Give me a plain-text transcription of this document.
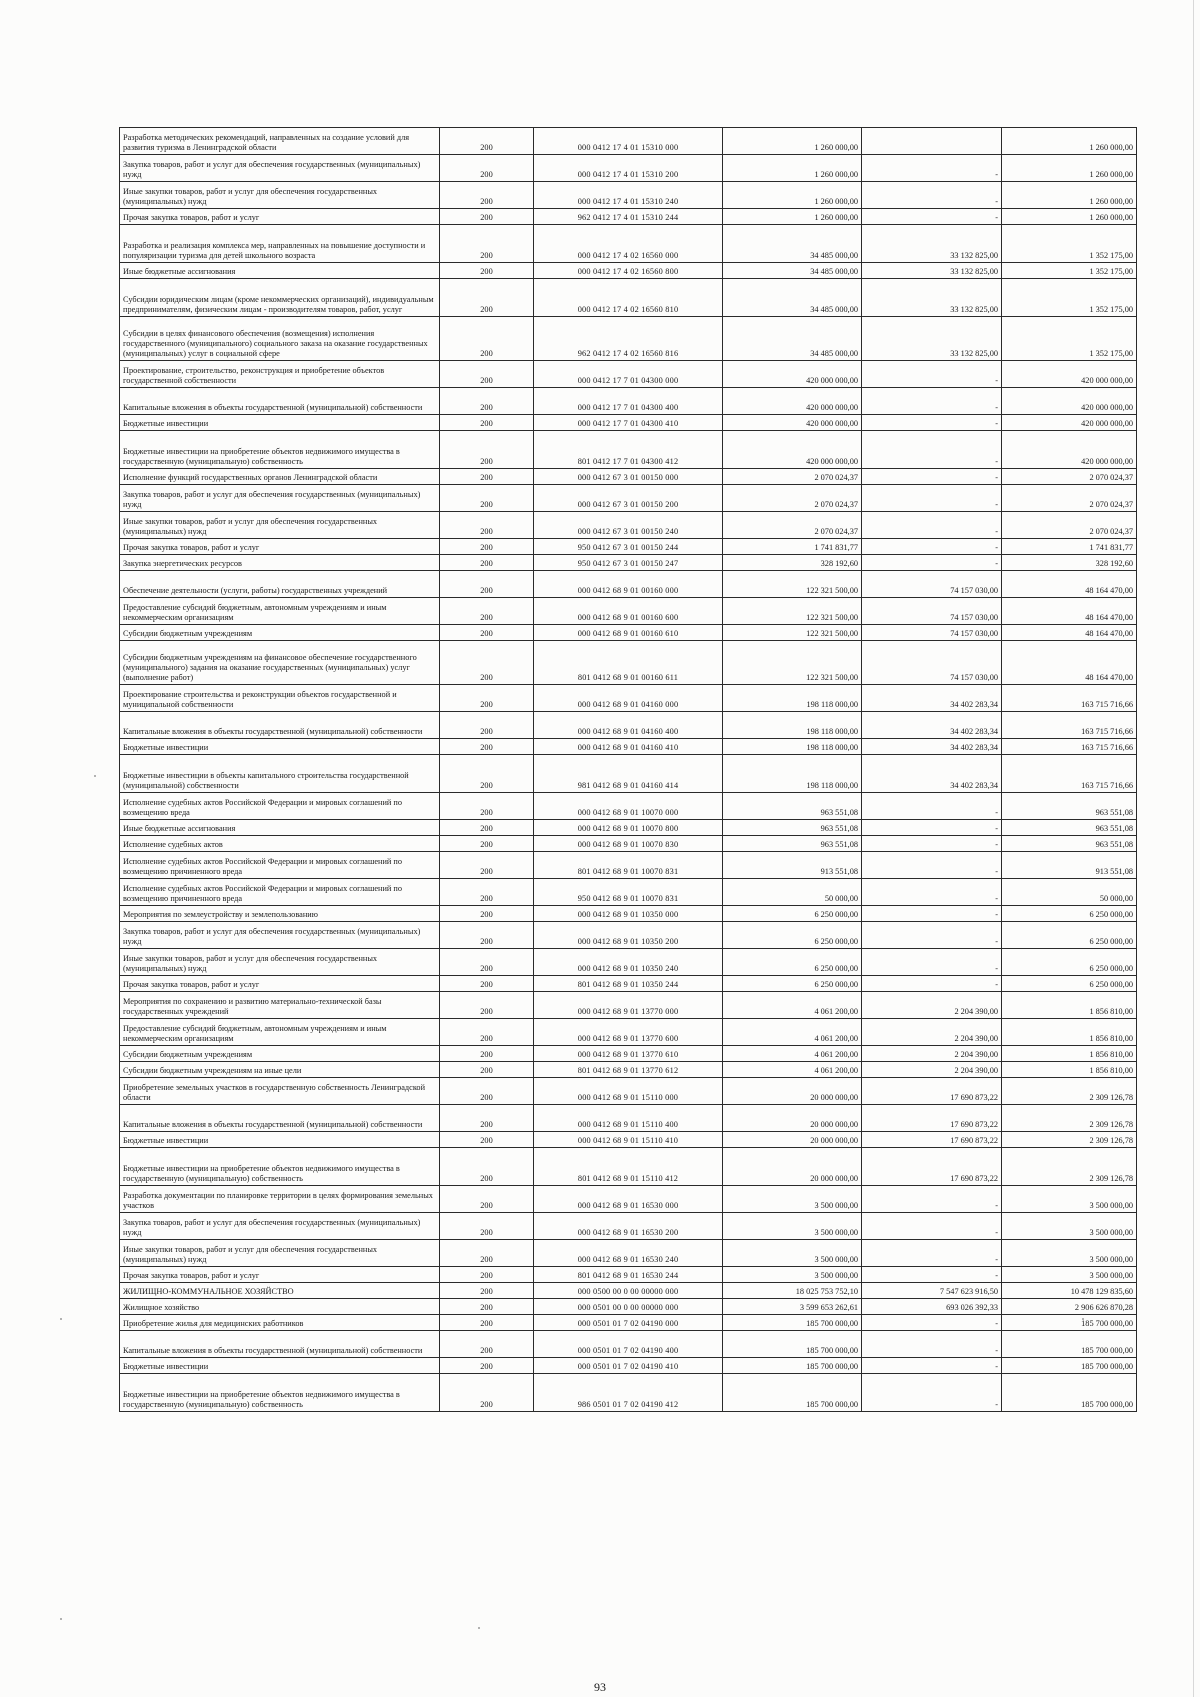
Разработка методических рекомендаций, направленных на создание условий для развития туризма в Ленинградской области	200	000 0412 17 4 01 15310 000	1 260 000,00		1 260 000,00
Закупка товаров, работ и услуг для обеспечения государственных (муниципальных) нужд	200	000 0412 17 4 01 15310 200	1 260 000,00	-	1 260 000,00
Иные закупки товаров, работ и услуг для обеспечения государственных (муниципальных) нужд	200	000 0412 17 4 01 15310 240	1 260 000,00	-	1 260 000,00
Прочая закупка товаров, работ и услуг	200	962 0412 17 4 01 15310 244	1 260 000,00	-	1 260 000,00
Разработка и реализация комплекса мер, направленных на повышение доступности и популяризации туризма для детей школьного возраста	200	000 0412 17 4 02 16560 000	34 485 000,00	33 132 825,00	1 352 175,00
Иные бюджетные ассигнования	200	000 0412 17 4 02 16560 800	34 485 000,00	33 132 825,00	1 352 175,00
Субсидии юридическим лицам (кроме некоммерческих организаций), индивидуальным предпринимателям, физическим лицам - производителям товаров, работ, услуг	200	000 0412 17 4 02 16560 810	34 485 000,00	33 132 825,00	1 352 175,00
Субсидии в целях финансового обеспечения (возмещения) исполнения государственного (муниципального) социального заказа на оказание государственных (муниципальных) услуг в социальной сфере	200	962 0412 17 4 02 16560 816	34 485 000,00	33 132 825,00	1 352 175,00
Проектирование, строительство, реконструкция и приобретение объектов государственной собственности	200	000 0412 17 7 01 04300 000	420 000 000,00	-	420 000 000,00
Капитальные вложения в объекты государственной (муниципальной) собственности	200	000 0412 17 7 01 04300 400	420 000 000,00	-	420 000 000,00
Бюджетные инвестиции	200	000 0412 17 7 01 04300 410	420 000 000,00	-	420 000 000,00
Бюджетные инвестиции на приобретение объектов недвижимого имущества в государственную (муниципальную) собственность	200	801 0412 17 7 01 04300 412	420 000 000,00	-	420 000 000,00
Исполнение функций государственных органов Ленинградской области	200	000 0412 67 3 01 00150 000	2 070 024,37	-	2 070 024,37
Закупка товаров, работ и услуг для обеспечения государственных (муниципальных) нужд	200	000 0412 67 3 01 00150 200	2 070 024,37	-	2 070 024,37
Иные закупки товаров, работ и услуг для обеспечения государственных (муниципальных) нужд	200	000 0412 67 3 01 00150 240	2 070 024,37	-	2 070 024,37
Прочая закупка товаров, работ и услуг	200	950 0412 67 3 01 00150 244	1 741 831,77	-	1 741 831,77
Закупка энергетических ресурсов	200	950 0412 67 3 01 00150 247	328 192,60	-	328 192,60
Обеспечение деятельности (услуги, работы) государственных учреждений	200	000 0412 68 9 01 00160 000	122 321 500,00	74 157 030,00	48 164 470,00
Предоставление субсидий бюджетным, автономным учреждениям и иным некоммерческим организациям	200	000 0412 68 9 01 00160 600	122 321 500,00	74 157 030,00	48 164 470,00
Субсидии бюджетным учреждениям	200	000 0412 68 9 01 00160 610	122 321 500,00	74 157 030,00	48 164 470,00
Субсидии бюджетным учреждениям на финансовое обеспечение государственного (муниципального) задания на оказание государственных (муниципальных) услуг (выполнение работ)	200	801 0412 68 9 01 00160 611	122 321 500,00	74 157 030,00	48 164 470,00
Проектирование строительства и реконструкции объектов государственной и муниципальной собственности	200	000 0412 68 9 01 04160 000	198 118 000,00	34 402 283,34	163 715 716,66
Капитальные вложения в объекты государственной (муниципальной) собственности	200	000 0412 68 9 01 04160 400	198 118 000,00	34 402 283,34	163 715 716,66
Бюджетные инвестиции	200	000 0412 68 9 01 04160 410	198 118 000,00	34 402 283,34	163 715 716,66
Бюджетные инвестиции в объекты капитального строительства государственной (муниципальной) собственности	200	981 0412 68 9 01 04160 414	198 118 000,00	34 402 283,34	163 715 716,66
Исполнение судебных актов Российской Федерации и мировых соглашений по возмещению вреда	200	000 0412 68 9 01 10070 000	963 551,08	-	963 551,08
Иные бюджетные ассигнования	200	000 0412 68 9 01 10070 800	963 551,08	-	963 551,08
Исполнение судебных актов	200	000 0412 68 9 01 10070 830	963 551,08	-	963 551,08
Исполнение судебных актов Российской Федерации и мировых соглашений по возмещению причиненного вреда	200	801 0412 68 9 01 10070 831	913 551,08	-	913 551,08
Исполнение судебных актов Российской Федерации и мировых соглашений по возмещению причиненного вреда	200	950 0412 68 9 01 10070 831	50 000,00	-	50 000,00
Мероприятия по землеустройству и землепользованию	200	000 0412 68 9 01 10350 000	6 250 000,00	-	6 250 000,00
Закупка товаров, работ и услуг для обеспечения государственных (муниципальных) нужд	200	000 0412 68 9 01 10350 200	6 250 000,00	-	6 250 000,00
Иные закупки товаров, работ и услуг для обеспечения государственных (муниципальных) нужд	200	000 0412 68 9 01 10350 240	6 250 000,00	-	6 250 000,00
Прочая закупка товаров, работ и услуг	200	801 0412 68 9 01 10350 244	6 250 000,00	-	6 250 000,00
Мероприятия по сохранению и развитию материально-технической базы государственных учреждений	200	000 0412 68 9 01 13770 000	4 061 200,00	2 204 390,00	1 856 810,00
Предоставление субсидий бюджетным, автономным учреждениям и иным некоммерческим организациям	200	000 0412 68 9 01 13770 600	4 061 200,00	2 204 390,00	1 856 810,00
Субсидии бюджетным учреждениям	200	000 0412 68 9 01 13770 610	4 061 200,00	2 204 390,00	1 856 810,00
Субсидии бюджетным учреждениям на иные цели	200	801 0412 68 9 01 13770 612	4 061 200,00	2 204 390,00	1 856 810,00
Приобретение земельных участков в государственную собственность Ленинградской области	200	000 0412 68 9 01 15110 000	20 000 000,00	17 690 873,22	2 309 126,78
Капитальные вложения в объекты государственной (муниципальной) собственности	200	000 0412 68 9 01 15110 400	20 000 000,00	17 690 873,22	2 309 126,78
Бюджетные инвестиции	200	000 0412 68 9 01 15110 410	20 000 000,00	17 690 873,22	2 309 126,78
Бюджетные инвестиции на приобретение объектов недвижимого имущества в государственную (муниципальную) собственность	200	801 0412 68 9 01 15110 412	20 000 000,00	17 690 873,22	2 309 126,78
Разработка документации по планировке территории в целях формирования земельных участков	200	000 0412 68 9 01 16530 000	3 500 000,00	-	3 500 000,00
Закупка товаров, работ и услуг для обеспечения государственных (муниципальных) нужд	200	000 0412 68 9 01 16530 200	3 500 000,00	-	3 500 000,00
Иные закупки товаров, работ и услуг для обеспечения государственных (муниципальных) нужд	200	000 0412 68 9 01 16530 240	3 500 000,00	-	3 500 000,00
Прочая закупка товаров, работ и услуг	200	801 0412 68 9 01 16530 244	3 500 000,00	-	3 500 000,00
ЖИЛИЩНО-КОММУНАЛЬНОЕ ХОЗЯЙСТВО	200	000 0500 00 0 00 00000 000	18 025 753 752,10	7 547 623 916,50	10 478 129 835,60
Жилищное хозяйство	200	000 0501 00 0 00 00000 000	3 599 653 262,61	693 026 392,33	2 906 626 870,28
Приобретение жилья для медицинских работников	200	000 0501 01 7 02 04190 000	185 700 000,00	-	185 700 000,00
Капитальные вложения в объекты государственной (муниципальной) собственности	200	000 0501 01 7 02 04190 400	185 700 000,00	-	185 700 000,00
Бюджетные инвестиции	200	000 0501 01 7 02 04190 410	185 700 000,00	-	185 700 000,00
Бюджетные инвестиции на приобретение объектов недвижимого имущества в государственную (муниципальную) собственность	200	986 0501 01 7 02 04190 412	185 700 000,00	-	185 700 000,00
93
